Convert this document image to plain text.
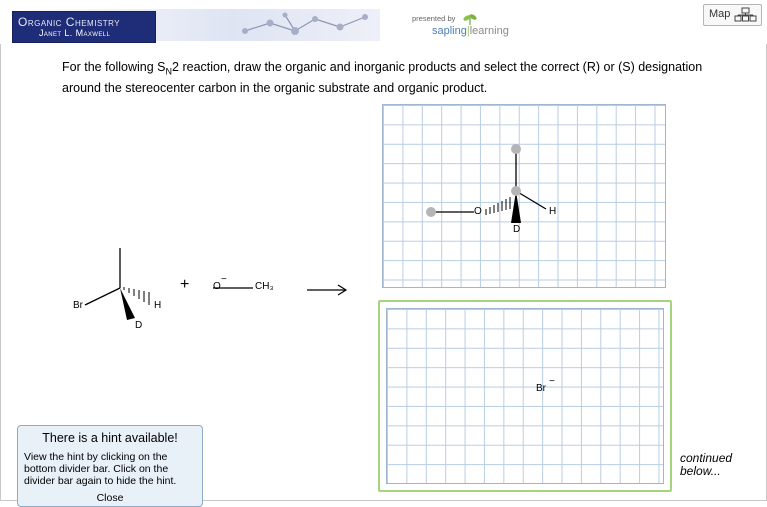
Organic Chemistry
Janet L. Maxwell
presented by
sapling|learning
Map
For the following $S_N2$ reaction, draw the organic and inorganic products and select the correct (R) or (S) designation around the stereocenter carbon in the organic substrate and organic product.
Br	H
D
+ O
−
CH₃
O	H
D
Br
−
There is a hint available!
View the hint by clicking on the bottom divider bar. Click on the divider bar again to hide the hint.
Close
continued
below...
